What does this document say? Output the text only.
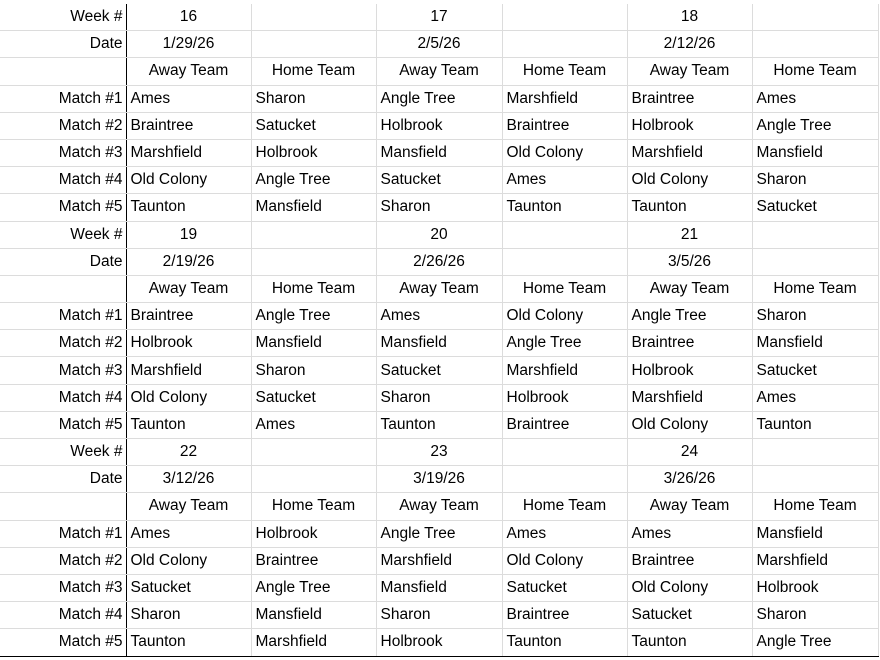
Week #	16		17		18	
Date	1/29/26		2/5/26		2/12/26	
	Away Team	Home Team	Away Team	Home Team	Away Team	Home Team
Match #1	Ames	Sharon	Angle Tree	Marshfield	Braintree	Ames
Match #2	Braintree	Satucket	Holbrook	Braintree	Holbrook	Angle Tree
Match #3	Marshfield	Holbrook	Mansfield	Old Colony	Marshfield	Mansfield
Match #4	Old Colony	Angle Tree	Satucket	Ames	Old Colony	Sharon
Match #5	Taunton	Mansfield	Sharon	Taunton	Taunton	Satucket
Week #	19		20		21	
Date	2/19/26		2/26/26		3/5/26	
	Away Team	Home Team	Away Team	Home Team	Away Team	Home Team
Match #1	Braintree	Angle Tree	Ames	Old Colony	Angle Tree	Sharon
Match #2	Holbrook	Mansfield	Mansfield	Angle Tree	Braintree	Mansfield
Match #3	Marshfield	Sharon	Satucket	Marshfield	Holbrook	Satucket
Match #4	Old Colony	Satucket	Sharon	Holbrook	Marshfield	Ames
Match #5	Taunton	Ames	Taunton	Braintree	Old Colony	Taunton
Week #	22		23		24	
Date	3/12/26		3/19/26		3/26/26	
	Away Team	Home Team	Away Team	Home Team	Away Team	Home Team
Match #1	Ames	Holbrook	Angle Tree	Ames	Ames	Mansfield
Match #2	Old Colony	Braintree	Marshfield	Old Colony	Braintree	Marshfield
Match #3	Satucket	Angle Tree	Mansfield	Satucket	Old Colony	Holbrook
Match #4	Sharon	Mansfield	Sharon	Braintree	Satucket	Sharon
Match #5	Taunton	Marshfield	Holbrook	Taunton	Taunton	Angle Tree
